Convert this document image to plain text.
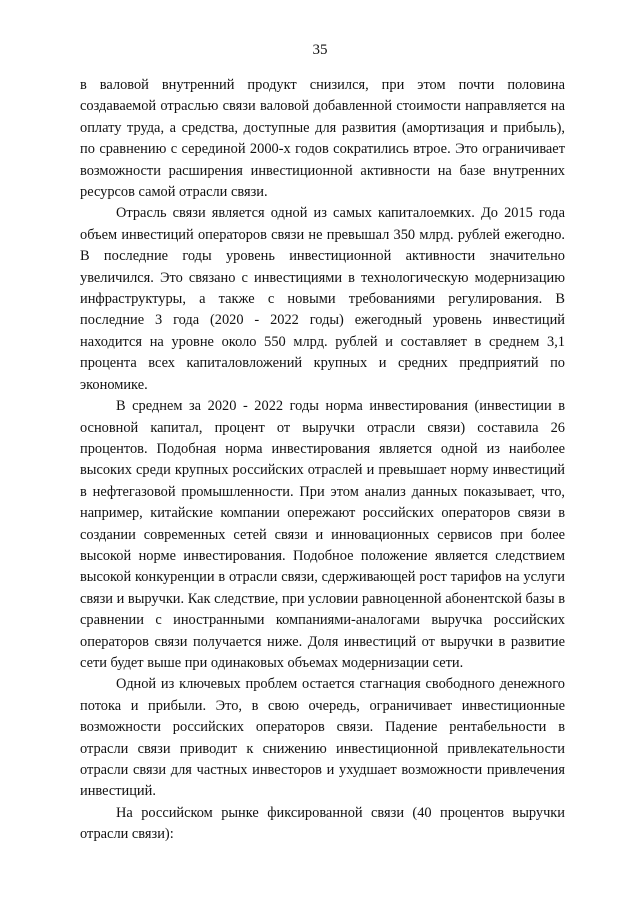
35

в валовой внутренний продукт снизился, при этом почти половина создаваемой отраслью связи валовой добавленной стоимости направляется на оплату труда, а средства, доступные для развития (амортизация и прибыль), по сравнению с серединой 2000-х годов сократились втрое. Это ограничивает возможности расширения инвестиционной активности на базе внутренних ресурсов самой отрасли связи.

Отрасль связи является одной из самых капиталоемких. До 2015 года объем инвестиций операторов связи не превышал 350 млрд. рублей ежегодно. В последние годы уровень инвестиционной активности значительно увеличился. Это связано с инвестициями в технологическую модернизацию инфраструктуры, а также с новыми требованиями регулирования. В последние 3 года (2020 - 2022 годы) ежегодный уровень инвестиций находится на уровне около 550 млрд. рублей и составляет в среднем 3,1 процента всех капиталовложений крупных и средних предприятий по экономике.

В среднем за 2020 - 2022 годы норма инвестирования (инвестиции в основной капитал, процент от выручки отрасли связи) составила 26 процентов. Подобная норма инвестирования является одной из наиболее высоких среди крупных российских отраслей и превышает норму инвестиций в нефтегазовой промышленности. При этом анализ данных показывает, что, например, китайские компании опережают российских операторов связи в создании современных сетей связи и инновационных сервисов при более высокой норме инвестирования. Подобное положение является следствием высокой конкуренции в отрасли связи, сдерживающей рост тарифов на услуги связи и выручки. Как следствие, при условии равноценной абонентской базы в сравнении с иностранными компаниями-аналогами выручка российских операторов связи получается ниже. Доля инвестиций от выручки в развитие сети будет выше при одинаковых объемах модернизации сети.

Одной из ключевых проблем остается стагнация свободного денежного потока и прибыли. Это, в свою очередь, ограничивает инвестиционные возможности российских операторов связи. Падение рентабельности в отрасли связи приводит к снижению инвестиционной привлекательности отрасли связи для частных инвесторов и ухудшает возможности привлечения инвестиций.

На российском рынке фиксированной связи (40 процентов выручки отрасли связи):
